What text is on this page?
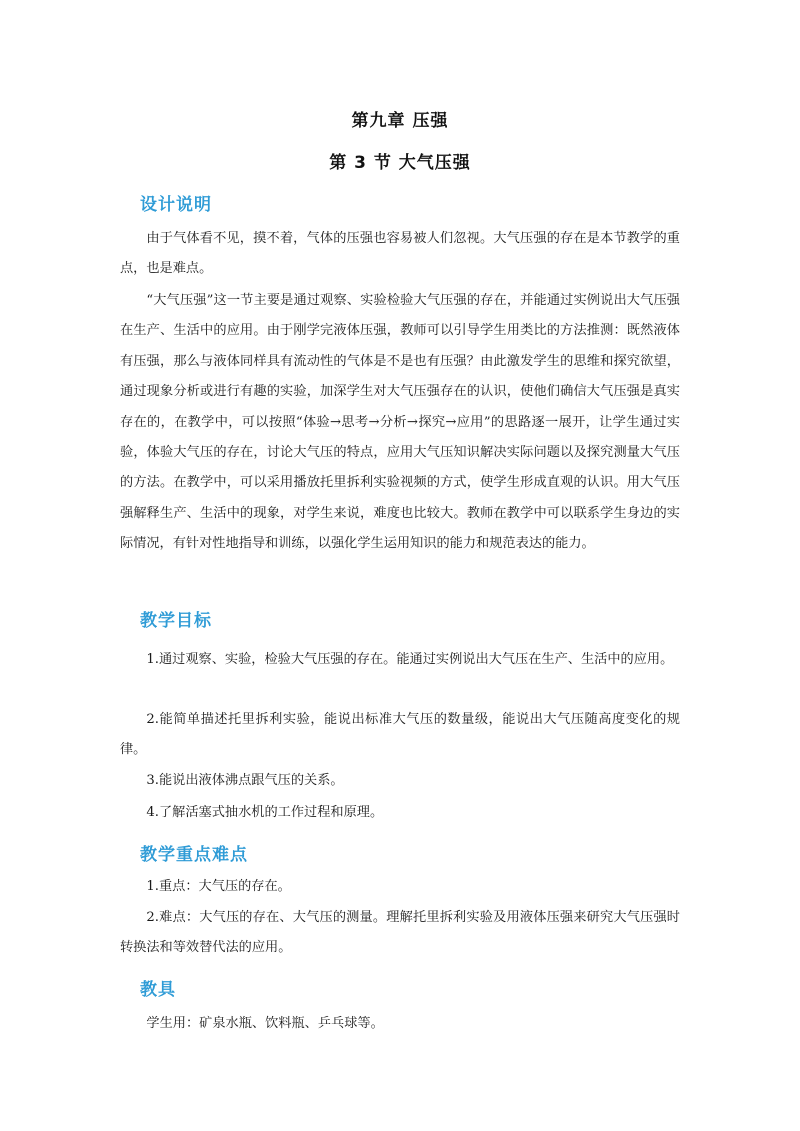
第九章 压强
第 3 节 大气压强
设计说明

由于气体看不见，摸不着，气体的压强也容易被人们忽视。大气压强的存在是本节教学的重点，也是难点。

“大气压强”这一节主要是通过观察、实验检验大气压强的存在，并能通过实例说出大气压强在生产、生活中的应用。由于刚学完液体压强，教师可以引导学生用类比的方法推测：既然液体有压强，那么与液体同样具有流动性的气体是不是也有压强？由此激发学生的思维和探究欲望，通过现象分析或进行有趣的实验，加深学生对大气压强存在的认识，使他们确信大气压强是真实存在的，在教学中，可以按照“体验→思考→分析→探究→应用”的思路逐一展开，让学生通过实验，体验大气压的存在，讨论大气压的特点，应用大气压知识解决实际问题以及探究测量大气压的方法。在教学中，可以采用播放托里拆利实验视频的方式，使学生形成直观的认识。用大气压强解释生产、生活中的现象，对学生来说，难度也比较大。教师在教学中可以联系学生身边的实际情况，有针对性地指导和训练，以强化学生运用知识的能力和规范表达的能力。

教学目标

1.通过观察、实验，检验大气压强的存在。能通过实例说出大气压在生产、生活中的应用。

2.能简单描述托里拆利实验，能说出标准大气压的数量级，能说出大气压随高度变化的规律。

3.能说出液体沸点跟气压的关系。

4.了解活塞式抽水机的工作过程和原理。

教学重点难点

1.重点：大气压的存在。

2.难点：大气压的存在、大气压的测量。理解托里拆利实验及用液体压强来研究大气压强时转换法和等效替代法的应用。

教具

学生用：矿泉水瓶、饮料瓶、乒乓球等。
